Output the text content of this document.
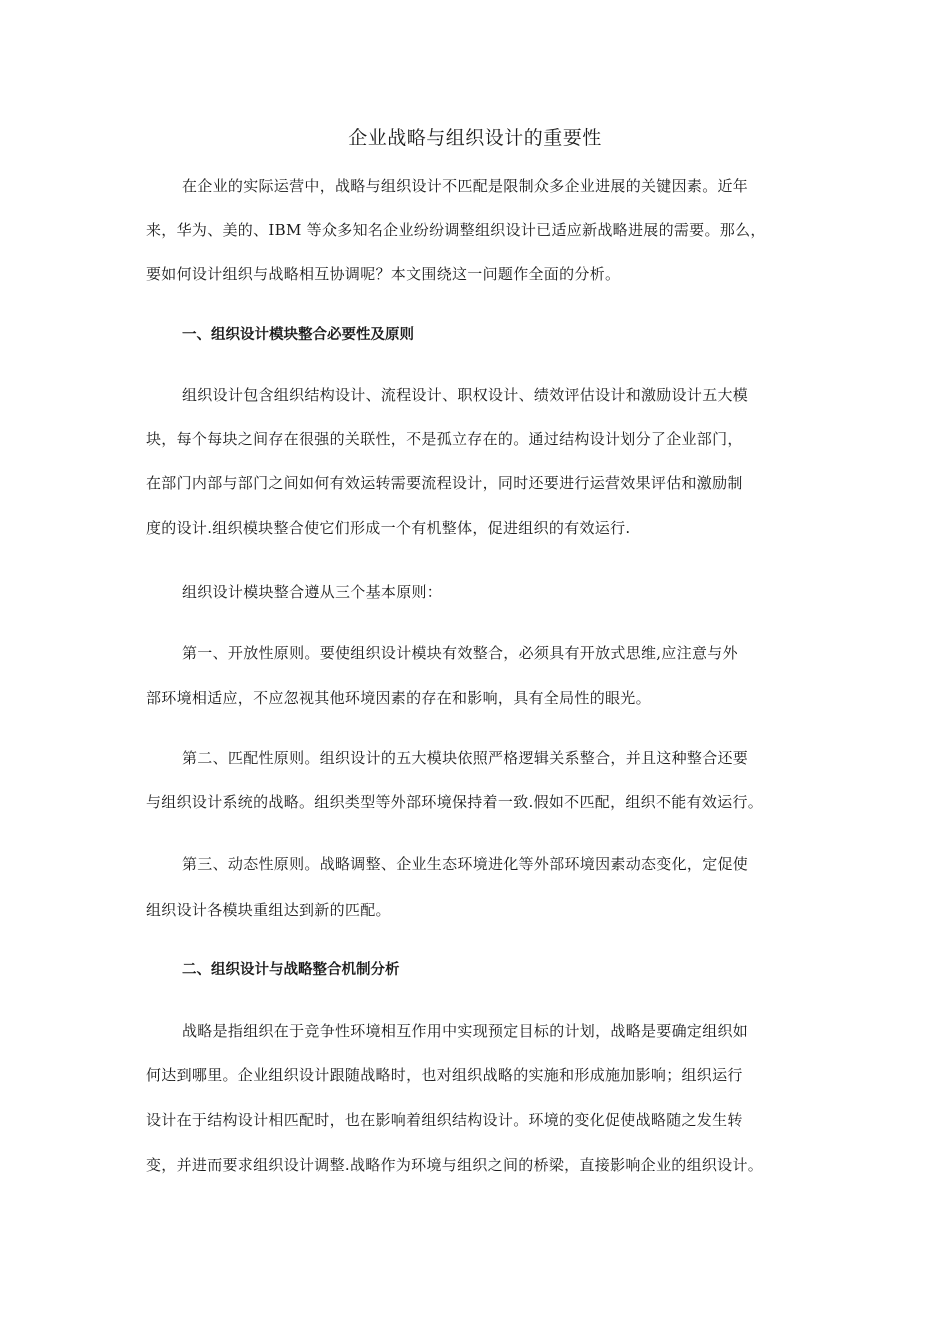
企业战略与组织设计的重要性
在企业的实际运营中，战略与组织设计不匹配是限制众多企业进展的关键因素。近年
来，华为、美的、IBM 等众多知名企业纷纷调整组织设计已适应新战略进展的需要。那么，
要如何设计组织与战略相互协调呢？本文围绕这一问题作全面的分析。
一、组织设计模块整合必要性及原则
组织设计包含组织结构设计、流程设计、职权设计、绩效评估设计和激励设计五大模
块，每个每块之间存在很强的关联性，不是孤立存在的。通过结构设计划分了企业部门，
在部门内部与部门之间如何有效运转需要流程设计，同时还要进行运营效果评估和激励制
度的设计.组织模块整合使它们形成一个有机整体，促进组织的有效运行.
组织设计模块整合遵从三个基本原则：
第一、开放性原则。要使组织设计模块有效整合，必须具有开放式思维,应注意与外
部环境相适应，不应忽视其他环境因素的存在和影响，具有全局性的眼光。
第二、匹配性原则。组织设计的五大模块依照严格逻辑关系整合，并且这种整合还要
与组织设计系统的战略。组织类型等外部环境保持着一致.假如不匹配，组织不能有效运行。
第三、动态性原则。战略调整、企业生态环境进化等外部环境因素动态变化，定促使
组织设计各模块重组达到新的匹配。
二、组织设计与战略整合机制分析
战略是指组织在于竞争性环境相互作用中实现预定目标的计划，战略是要确定组织如
何达到哪里。企业组织设计跟随战略时，也对组织战略的实施和形成施加影响；组织运行
设计在于结构设计相匹配时，也在影响着组织结构设计。环境的变化促使战略随之发生转
变，并进而要求组织设计调整.战略作为环境与组织之间的桥梁，直接影响企业的组织设计。
